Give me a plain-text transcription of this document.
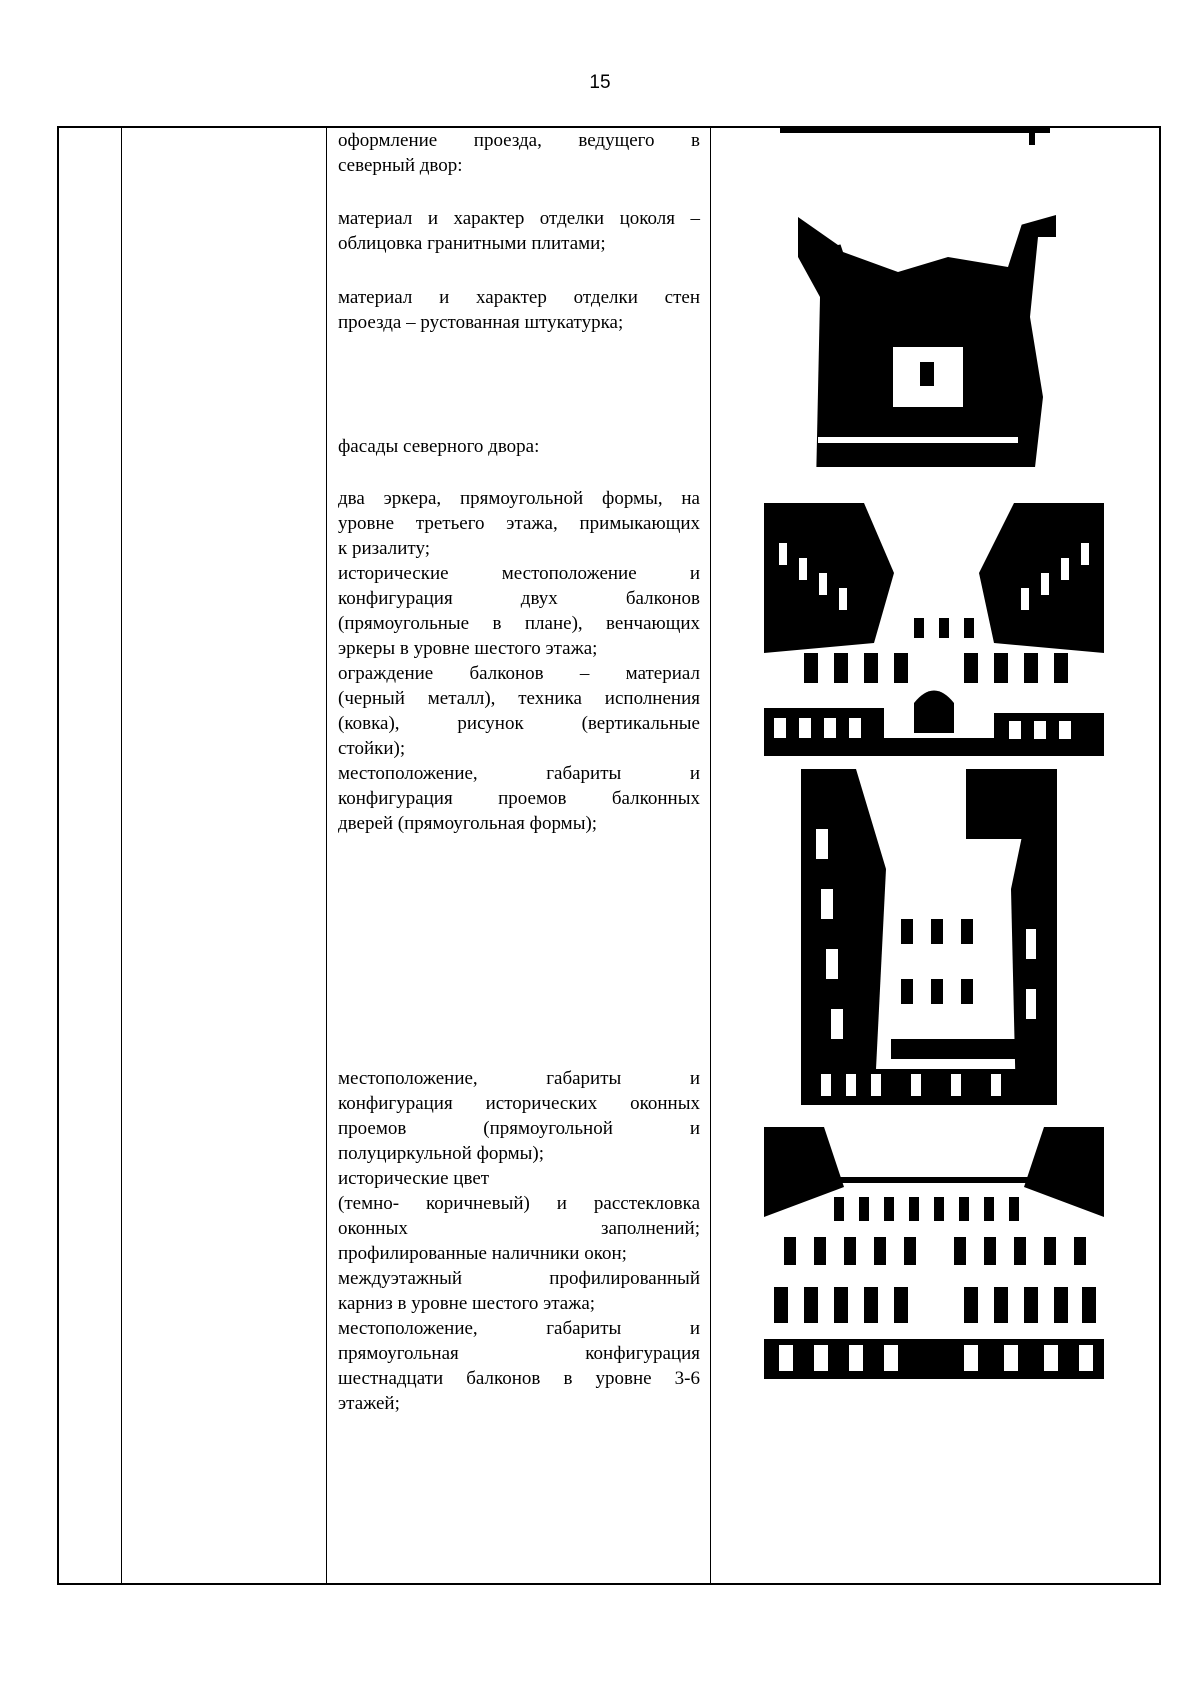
15

оформление проезда, ведущего в

северный двор:

материал и характер отделки цоколя –

облицовка гранитными плитами;

материал и характер отделки стен

проезда – рустованная штукатурка;

фасады северного двора:

два эркера, прямоугольной формы, на

уровне третьего этажа, примыкающих

к ризалиту;

исторические местоположение и

конфигурация двух балконов

(прямоугольные в плане), венчающих

эркеры в уровне шестого этажа;

ограждение балконов – материал

(черный металл), техника исполнения

(ковка), рисунок (вертикальные

стойки);

местоположение, габариты и

конфигурация проемов балконных

дверей (прямоугольная формы);

местоположение, габариты и

конфигурация исторических оконных

проемов (прямоугольной и

полуциркульной формы);

исторические цвет

(темно- коричневый) и расстекловка

оконных заполнений;

профилированные наличники окон;

междуэтажный профилированный

карниз в уровне шестого этажа;

местоположение, габариты и

прямоугольная конфигурация

шестнадцати балконов в уровне 3-6

этажей;
